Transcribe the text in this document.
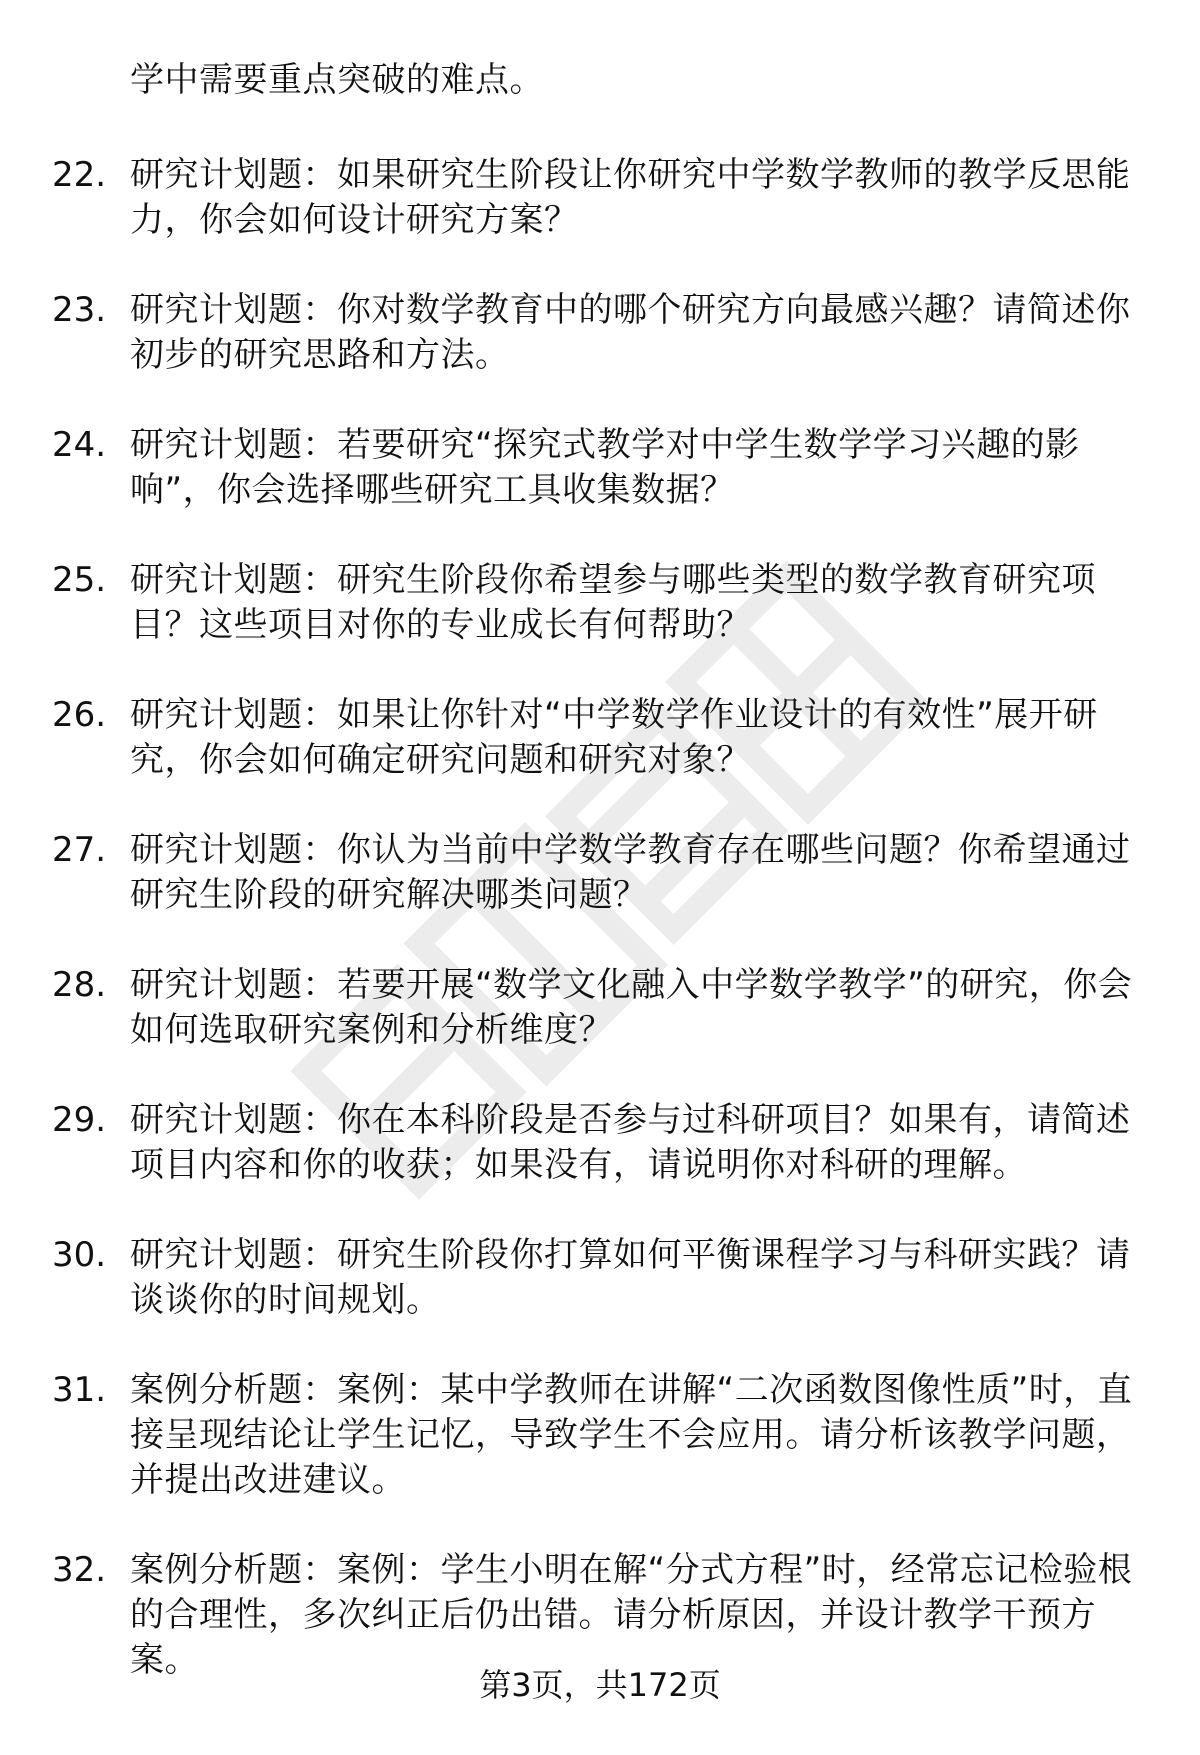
学中需要重点突破的难点。
22. 研究计划题：如果研究生阶段让你研究中学数学教师的教学反思能力，你会如何设计研究方案？
23. 研究计划题：你对数学教育中的哪个研究方向最感兴趣？请简述你初步的研究思路和方法。
24. 研究计划题：若要研究“探究式教学对中学生数学学习兴趣的影响”，你会选择哪些研究工具收集数据？
25. 研究计划题：研究生阶段你希望参与哪些类型的数学教育研究项目？这些项目对你的专业成长有何帮助？
26. 研究计划题：如果让你针对“中学数学作业设计的有效性”展开研究，你会如何确定研究问题和研究对象？
27. 研究计划题：你认为当前中学数学教育存在哪些问题？你希望通过研究生阶段的研究解决哪类问题？
28. 研究计划题：若要开展“数学文化融入中学数学教学”的研究，你会如何选取研究案例和分析维度？
29. 研究计划题：你在本科阶段是否参与过科研项目？如果有，请简述项目内容和你的收获；如果没有，请说明你对科研的理解。
30. 研究计划题：研究生阶段你打算如何平衡课程学习与科研实践？请谈谈你的时间规划。
31. 案例分析题：案例：某中学教师在讲解“二次函数图像性质”时，直接呈现结论让学生记忆，导致学生不会应用。请分析该教学问题，并提出改进建议。
32. 案例分析题：案例：学生小明在解“分式方程”时，经常忘记检验根的合理性，多次纠正后仍出错。请分析原因，并设计教学干预方案。
第3页，共172页
